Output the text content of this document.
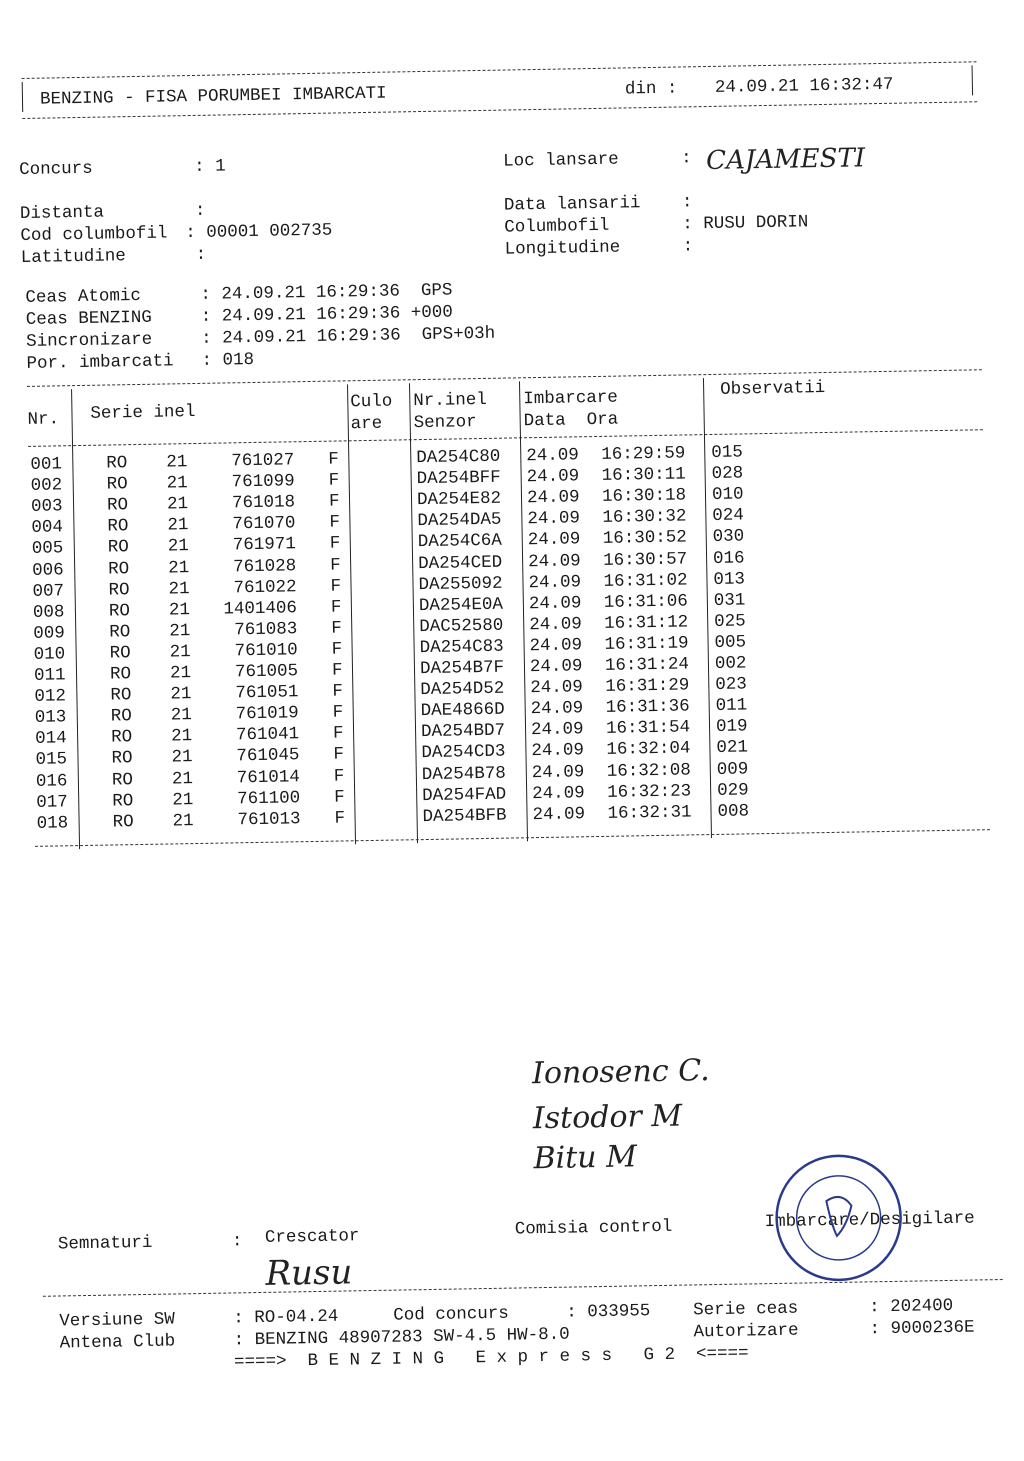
BENZING - FISA PORUMBEI IMBARCATI	din : 24.09.21 16:32:47
Concurs	: 1
Distanta	:
Cod columbofil : 00001 002735
Latitudine	:
Loc lansare	: CAJAMESTI
Data lansarii :
Columbofil	: RUSU DORIN
Longitudine	:
Ceas Atomic	: 24.09.21 16:29:36  GPS
Ceas BENZING	: 24.09.21 16:29:36 +000
Sincronizare	: 24.09.21 16:29:36  GPS+03h
Por. imbarcati : 018
Nr. Serie inel
Culo
are
Nr.inel
Senzor
Imbarcare
Data  Ora
Observatii
001	RO 21	761027 F	DA254C80 24.09 16:29:59 015
002	RO 21	761099 F	DA254BFF 24.09 16:30:11 028
003	RO 21	761018 F	DA254E82 24.09 16:30:18 010
004	RO 21	761070 F	DA254DA5 24.09 16:30:32 024
005	RO 21	761971 F	DA254C6A 24.09 16:30:52 030
006	RO 21	761028 F	DA254CED 24.09 16:30:57 016
007	RO 21	761022 F	DA255092 24.09 16:31:02 013
008	RO 21	1401406 F	DA254E0A 24.09 16:31:06 031
009	RO 21	761083 F	DAC52580 24.09 16:31:12 025
010	RO 21	761010 F	DA254C83 24.09 16:31:19 005
011	RO 21	761005 F	DA254B7F 24.09 16:31:24 002
012	RO 21	761051 F	DA254D52 24.09 16:31:29 023
013	RO 21	761019 F	DAE4866D 24.09 16:31:36 011
014	RO 21	761041 F	DA254BD7 24.09 16:31:54 019
015	RO 21	761045 F	DA254CD3 24.09 16:32:04 021
016	RO 21	761014 F	DA254B78 24.09 16:32:08 009
017	RO 21	761100 F	DA254FAD 24.09 16:32:23 029
018	RO 21	761013 F	DA254BFB 24.09 16:32:31 008
Ionosenc C.
Istodor M
Bitu M
Semnaturi	: Crescator	Comisia control	Imbarcare/Desigilare
Rusu
Versiune SW	: RO-04.24	Cod concurs	: 033955 Serie ceas	: 202400
Antena Club	: BENZING 48907283 SW-4.5 HW-8.0	Autorizare	: 9000236E
====>  B E N Z I N G   E x p r e s s   G 2  <====
